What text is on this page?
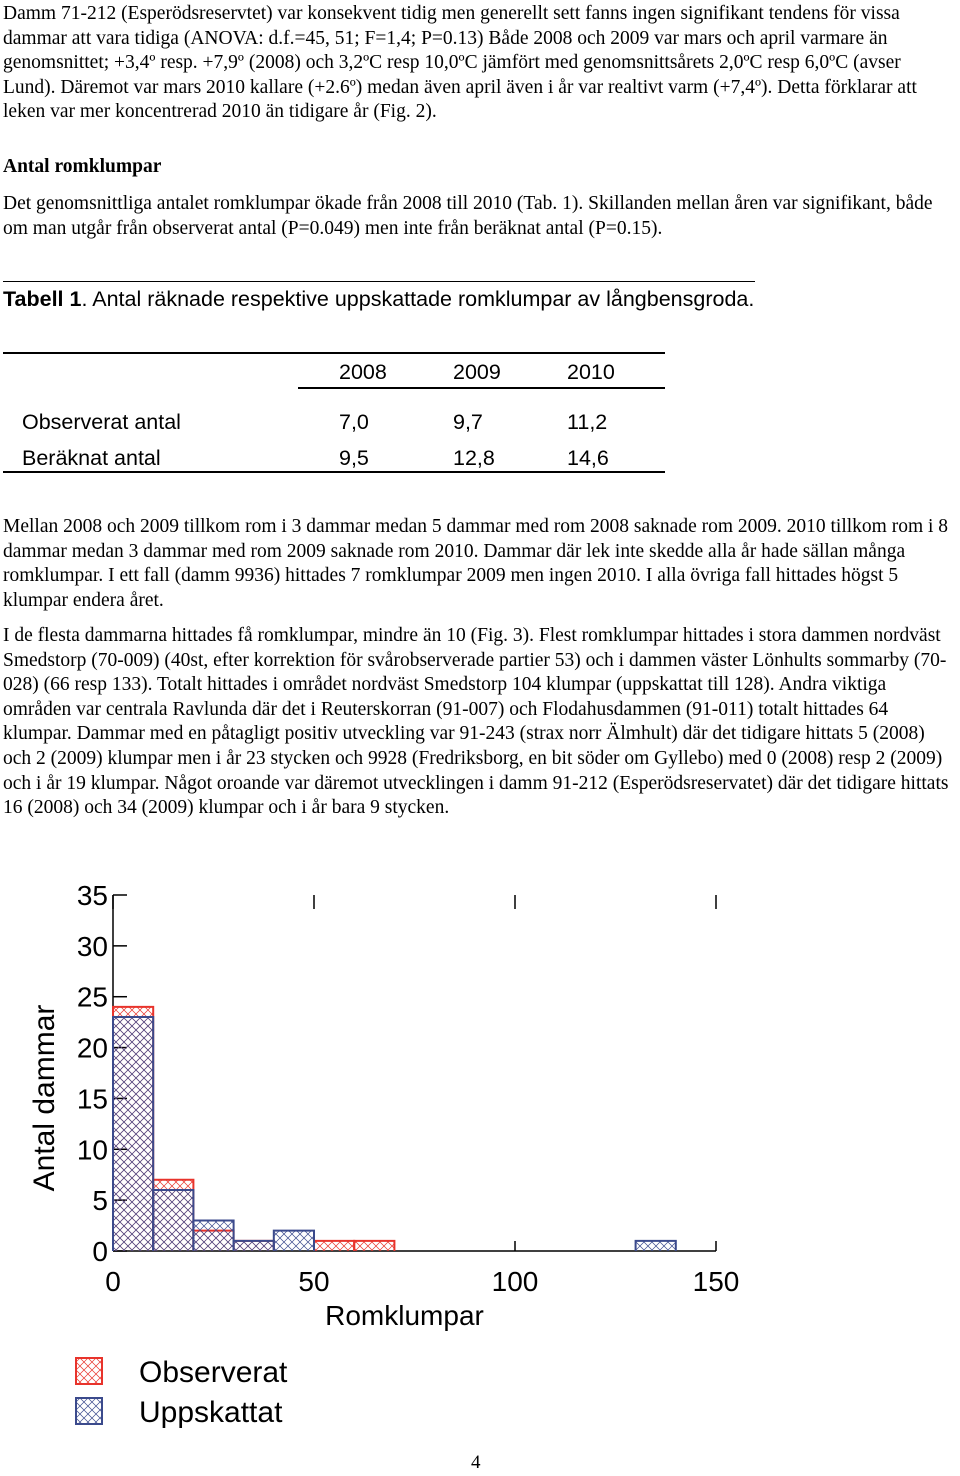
Damm 71-212 (Esperödsreservtet) var konsekvent tidig men generellt sett fanns ingen signifikant tendens för vissa dammar att vara tidiga (ANOVA: d.f.=45, 51; F=1,4; P=0.13) Både 2008 och 2009 var mars och april varmare än genomsnittet; +3,4º resp. +7,9º (2008) och 3,2ºC resp 10,0ºC jämfört med genomsnittsårets 2,0ºC resp 6,0ºC (avser Lund). Däremot var mars 2010 kallare (+2.6º) medan även april även i år var realtivt varm (+7,4º). Detta förklarar att leken var mer koncentrerad 2010 än tidigare år (Fig. 2).

Antal romklumpar

Det genomsnittliga antalet romklumpar ökade från 2008 till 2010 (Tab. 1). Skillanden mellan åren var signifikant, både om man utgår från observerat antal (P=0.049) men inte från beräknat antal (P=0.15).

Tabell 1. Antal räknade respektive uppskattade romklumpar av långbensgroda.

	2008	2009	2010

Observerat antal	7,0	9,7	11,2
Beräknat antal	9,5	12,8	14,6

Mellan 2008 och 2009 tillkom rom i 3 dammar medan 5 dammar med rom 2008 saknade rom 2009. 2010 tillkom rom i 8 dammar medan 3 dammar med rom 2009 saknade rom 2010. Dammar där lek inte skedde alla år hade sällan många romklumpar. I ett fall (damm 9936) hittades 7 romklumpar 2009 men ingen 2010. I alla övriga fall hittades högst 5 klumpar endera året.

I de flesta dammarna hittades få romklumpar, mindre än 10 (Fig. 3). Flest romklumpar hittades i stora dammen nordväst Smedstorp (70-009) (40st, efter korrektion för svårobserverade partier 53) och i dammen väster Lönhults sommarby (70-028) (66 resp 133). Totalt hittades i området nordväst Smedstorp 104 klumpar (uppskattat till 128). Andra viktiga områden var centrala Ravlunda där det i Reuterskorran (91-007) och Flodahusdammen (91-011) totalt hittades 64 klumpar. Dammar med en påtagligt positiv utveckling var 91-243 (strax norr Älmhult) där det tidigare hittats 5 (2008) och 2 (2009) klumpar men i år 23 stycken och 9928 (Fredriksborg, en bit söder om Gyllebo) med 0 (2008) resp 2 (2009) och i år 19 klumpar. Något oroande var däremot utvecklingen i damm 91-212 (Esperödsreservatet) där det tidigare hittats 16 (2008) och 34 (2009) klumpar och i år bara 9 stycken.

0
5
10
15
20
25
30
35
0	50	100	150
Romklumpar
Antal dammar
Observerat
Uppskattat
4
